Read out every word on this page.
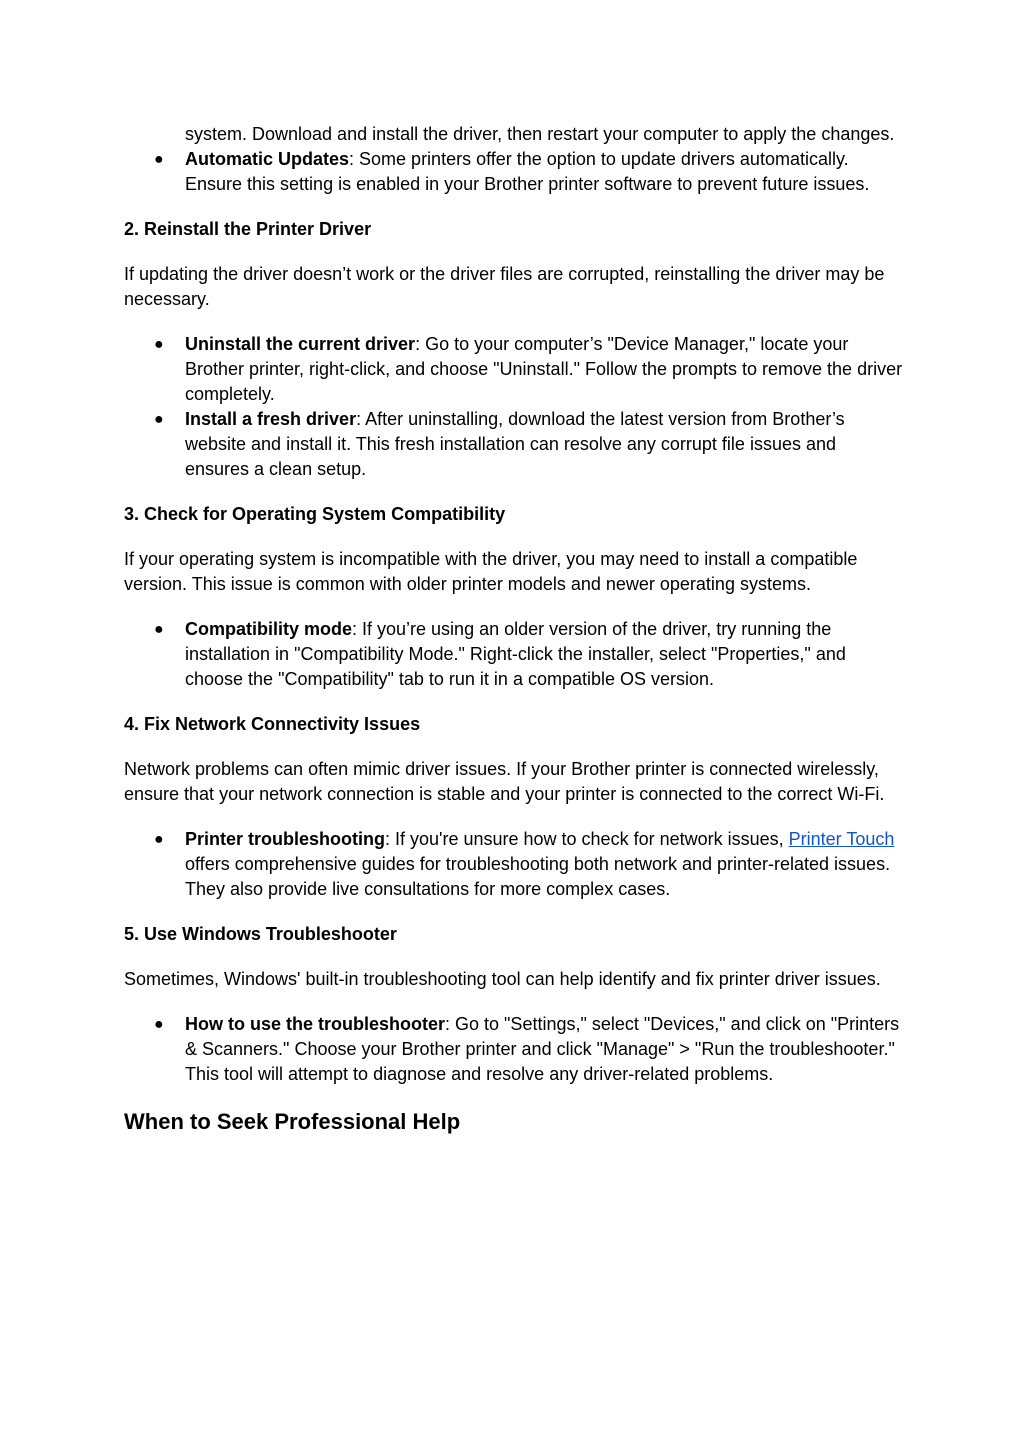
system. Download and install the driver, then restart your computer to apply the changes.
● Automatic Updates: Some printers offer the option to update drivers automatically. Ensure this setting is enabled in your Brother printer software to prevent future issues.

2. Reinstall the Printer Driver

If updating the driver doesn’t work or the driver files are corrupted, reinstalling the driver may be necessary.

● Uninstall the current driver: Go to your computer’s "Device Manager," locate your Brother printer, right-click, and choose "Uninstall." Follow the prompts to remove the driver completely.
● Install a fresh driver: After uninstalling, download the latest version from Brother’s website and install it. This fresh installation can resolve any corrupt file issues and ensures a clean setup.

3. Check for Operating System Compatibility

If your operating system is incompatible with the driver, you may need to install a compatible version. This issue is common with older printer models and newer operating systems.

● Compatibility mode: If you’re using an older version of the driver, try running the installation in "Compatibility Mode." Right-click the installer, select "Properties," and choose the "Compatibility" tab to run it in a compatible OS version.

4. Fix Network Connectivity Issues

Network problems can often mimic driver issues. If your Brother printer is connected wirelessly, ensure that your network connection is stable and your printer is connected to the correct Wi-Fi.

● Printer troubleshooting: If you're unsure how to check for network issues, Printer Touch offers comprehensive guides for troubleshooting both network and printer-related issues. They also provide live consultations for more complex cases.

5. Use Windows Troubleshooter

Sometimes, Windows' built-in troubleshooting tool can help identify and fix printer driver issues.

● How to use the troubleshooter: Go to "Settings," select "Devices," and click on "Printers & Scanners." Choose your Brother printer and click "Manage" > "Run the troubleshooter." This tool will attempt to diagnose and resolve any driver-related problems.

When to Seek Professional Help
